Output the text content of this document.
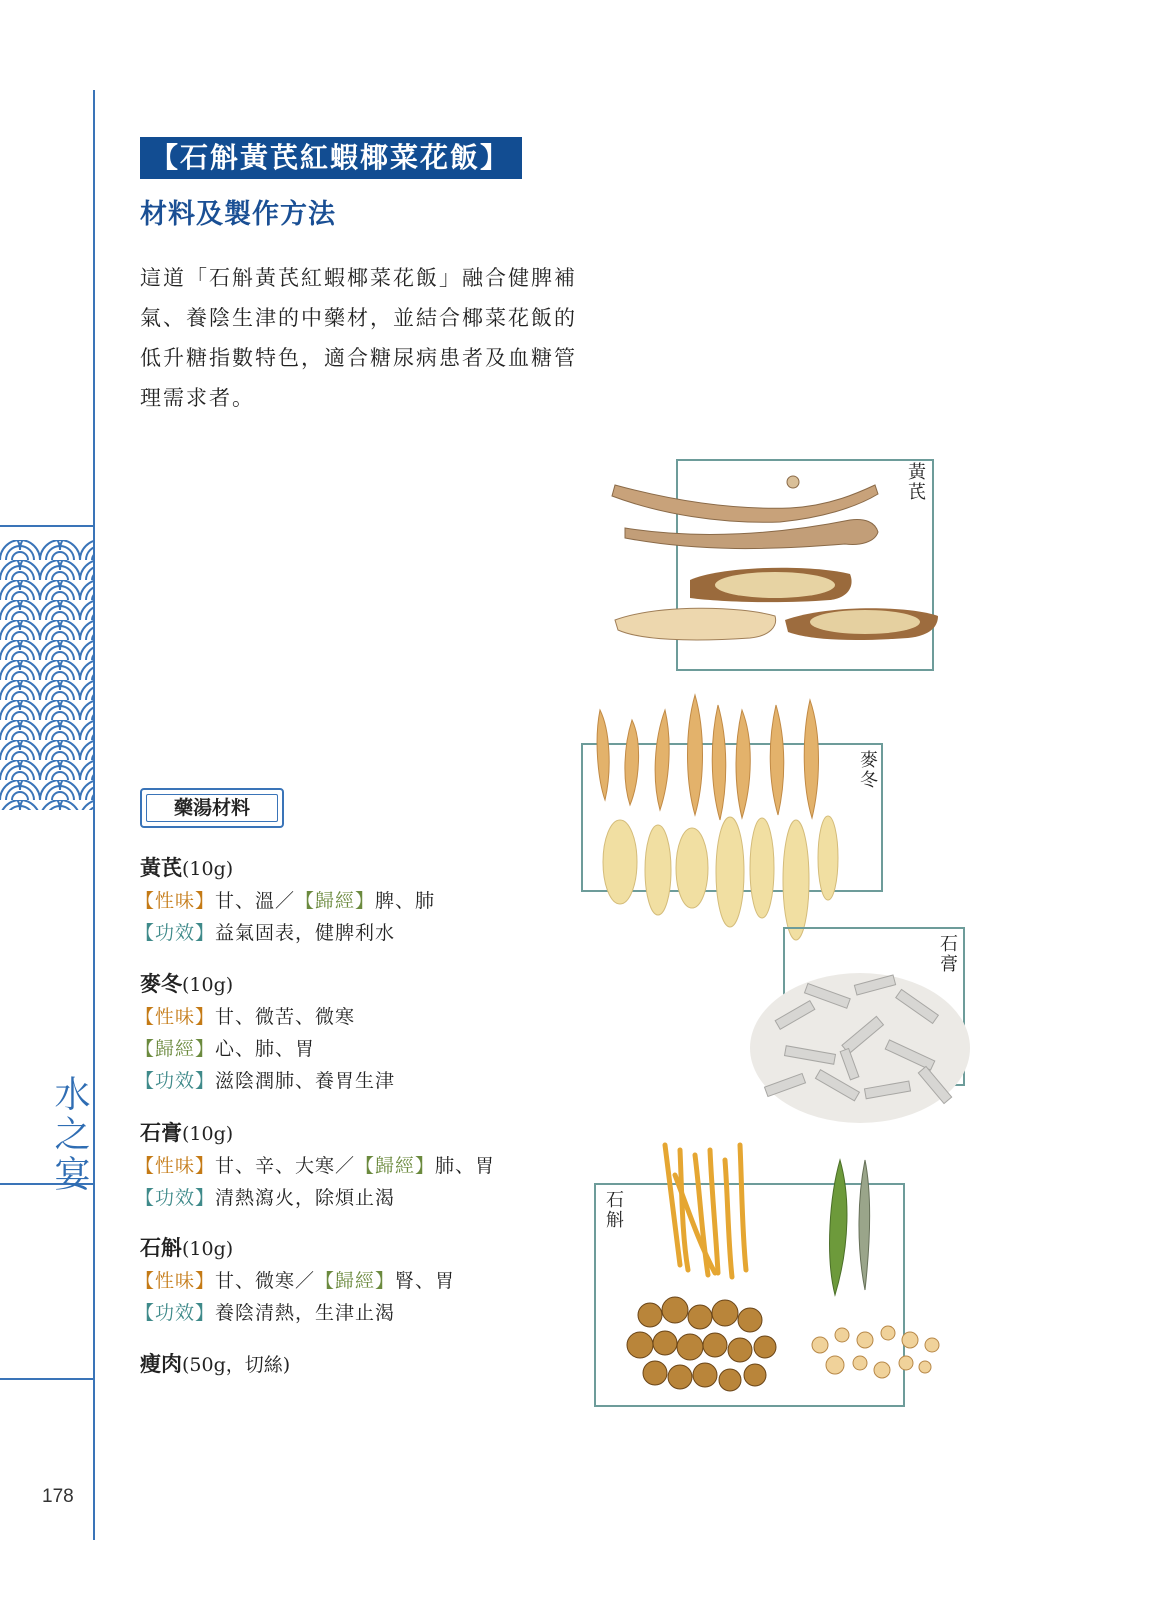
水之宴
178
【石斛黃芪紅蝦椰菜花飯】
材料及製作方法
這道「石斛黃芪紅蝦椰菜花飯」融合健脾補氣、養陰生津的中藥材，並結合椰菜花飯的低升糖指數特色，適合糖尿病患者及血糖管理需求者。
藥湯材料
黃芪(10g)
【性味】甘、溫／【歸經】脾、肺
【功效】益氣固表，健脾利水
麥冬(10g)
【性味】甘、微苦、微寒
【歸經】心、肺、胃
【功效】滋陰潤肺、養胃生津
石膏(10g)
【性味】甘、辛、大寒／【歸經】肺、胃
【功效】清熱瀉火，除煩止渴
石斛(10g)
【性味】甘、微寒／【歸經】腎、胃
【功效】養陰清熱，生津止渴
瘦肉(50g，切絲)
黃芪
麥冬
石膏
石斛
